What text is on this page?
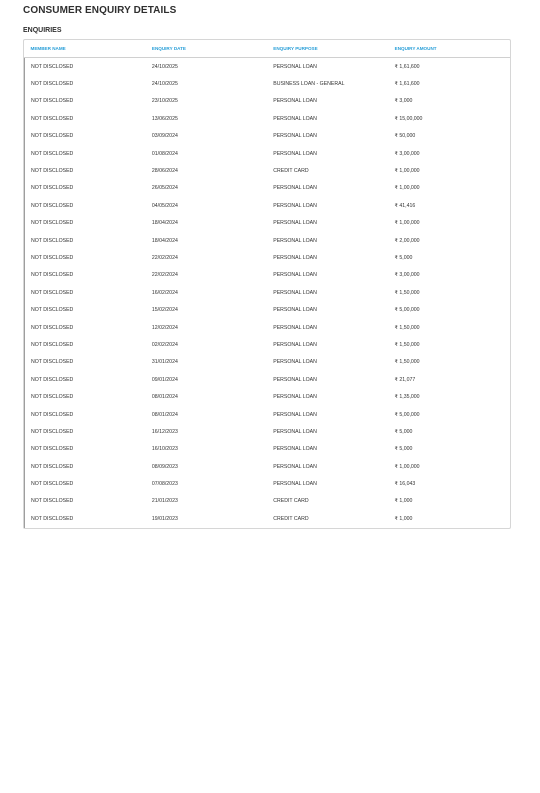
CONSUMER ENQUIRY DETAILS
ENQUIRIES
MEMBER NAME	ENQUIRY DATE	ENQUIRY PURPOSE	ENQUIRY AMOUNT
NOT DISCLOSED	24/10/2025	PERSONAL LOAN	₹ 1,61,600
NOT DISCLOSED	24/10/2025	BUSINESS LOAN - GENERAL	₹ 1,61,600
NOT DISCLOSED	23/10/2025	PERSONAL LOAN	₹ 3,000
NOT DISCLOSED	13/06/2025	PERSONAL LOAN	₹ 15,00,000
NOT DISCLOSED	03/09/2024	PERSONAL LOAN	₹ 50,000
NOT DISCLOSED	01/08/2024	PERSONAL LOAN	₹ 3,00,000
NOT DISCLOSED	28/06/2024	CREDIT CARD	₹ 1,00,000
NOT DISCLOSED	26/05/2024	PERSONAL LOAN	₹ 1,00,000
NOT DISCLOSED	04/05/2024	PERSONAL LOAN	₹ 41,416
NOT DISCLOSED	18/04/2024	PERSONAL LOAN	₹ 1,00,000
NOT DISCLOSED	18/04/2024	PERSONAL LOAN	₹ 2,00,000
NOT DISCLOSED	22/02/2024	PERSONAL LOAN	₹ 5,000
NOT DISCLOSED	22/02/2024	PERSONAL LOAN	₹ 3,00,000
NOT DISCLOSED	16/02/2024	PERSONAL LOAN	₹ 1,50,000
NOT DISCLOSED	15/02/2024	PERSONAL LOAN	₹ 5,00,000
NOT DISCLOSED	12/02/2024	PERSONAL LOAN	₹ 1,50,000
NOT DISCLOSED	02/02/2024	PERSONAL LOAN	₹ 1,50,000
NOT DISCLOSED	31/01/2024	PERSONAL LOAN	₹ 1,50,000
NOT DISCLOSED	09/01/2024	PERSONAL LOAN	₹ 21,077
NOT DISCLOSED	08/01/2024	PERSONAL LOAN	₹ 1,35,000
NOT DISCLOSED	08/01/2024	PERSONAL LOAN	₹ 5,00,000
NOT DISCLOSED	16/12/2023	PERSONAL LOAN	₹ 5,000
NOT DISCLOSED	16/10/2023	PERSONAL LOAN	₹ 5,000
NOT DISCLOSED	08/09/2023	PERSONAL LOAN	₹ 1,00,000
NOT DISCLOSED	07/08/2023	PERSONAL LOAN	₹ 16,043
NOT DISCLOSED	21/01/2023	CREDIT CARD	₹ 1,000
NOT DISCLOSED	19/01/2023	CREDIT CARD	₹ 1,000
